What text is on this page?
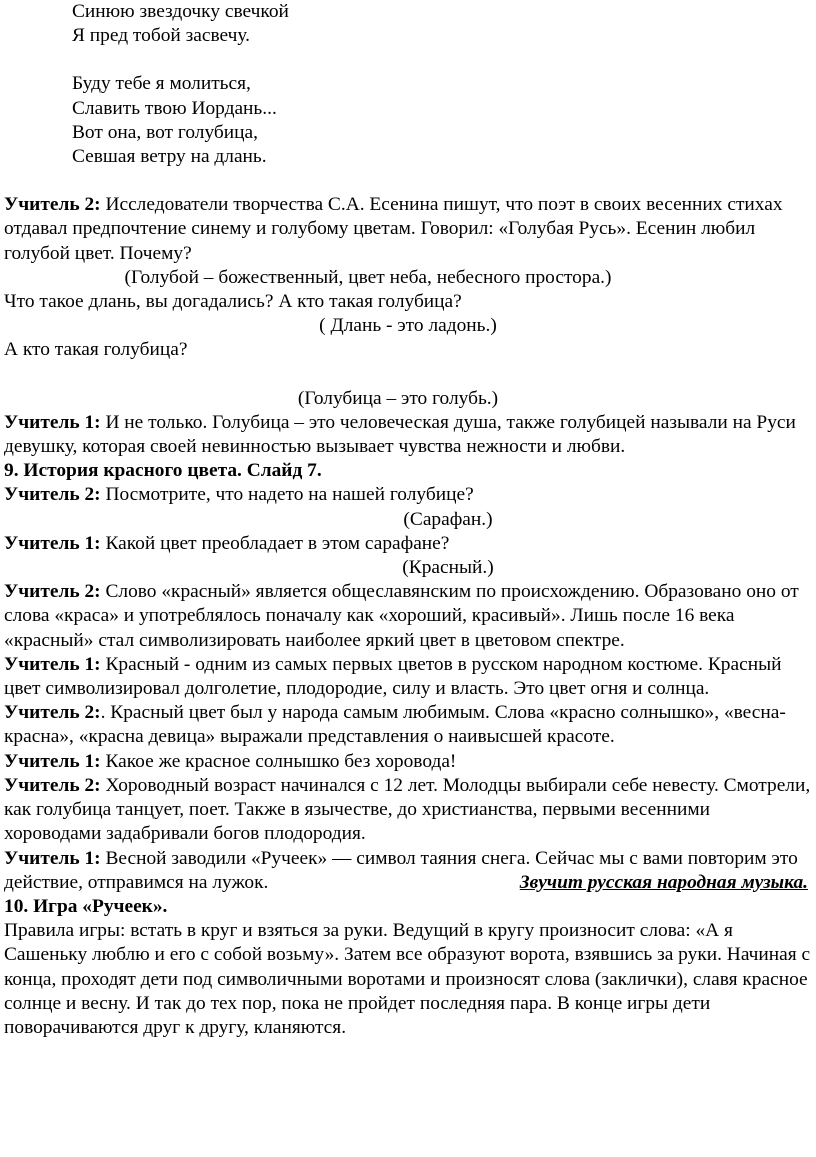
Синюю звездочку свечкой
Я пред тобой засвечу.
Буду тебе я молиться,
Славить твою Иордань...
Вот она, вот голубица,
Севшая ветру на длань.

Учитель 2: Исследователи творчества С.А. Есенина пишут, что поэт в своих весенних стихах отдавал предпочтение синему и голубому цветам. Говорил: «Голубая Русь». Есенин любил голубой цвет. Почему?

(Голубой – божественный, цвет неба, небесного простора.)

Что такое длань, вы догадались? А кто такая голубица?

( Длань - это ладонь.)

А кто такая голубица?

(Голубица – это голубь.)

Учитель 1: И не только. Голубица – это человеческая душа, также голубицей называли на Руси девушку, которая своей невинностью вызывает чувства нежности и любви.

9. История красного цвета. Слайд 7.

Учитель 2: Посмотрите, что надето на нашей голубице?

(Сарафан.)

Учитель 1: Какой цвет преобладает в этом сарафане?

(Красный.)

Учитель 2: Слово «красный» является общеславянским по происхождению. Образовано оно от слова «краса» и употреблялось поначалу как «хороший, красивый». Лишь после 16 века «красный» стал символизировать наиболее яркий цвет в цветовом спектре.

Учитель 1: Красный - одним из самых первых цветов в русском народном костюме. Красный цвет символизировал долголетие, плодородие, силу и власть. Это цвет огня и солнца.

Учитель 2:. Красный цвет был у народа самым любимым. Слова «красно солнышко», «весна-красна», «красна девица» выражали представления о наивысшей красоте.

Учитель 1: Какое же красное солнышко без хоровода!

Учитель 2: Хороводный возраст начинался с 12 лет. Молодцы выбирали себе невесту. Смотрели, как голубица танцует, поет. Также в язычестве, до христианства, первыми весенними хороводами задабривали богов плодородия.

Учитель 1: Весной заводили «Ручеек» — символ таяния снега. Сейчас мы с вами повторим это действие, отправимся на лужок.	Звучит русская народная музыка.

10. Игра «Ручеек».

Правила игры: встать в круг и взяться за руки. Ведущий в кругу произносит слова: «А я Сашеньку люблю и его с собой возьму». Затем все образуют ворота, взявшись за руки. Начиная с конца, проходят дети под символичными воротами и произносят слова (заклички), славя красное солнце и весну. И так до тех пор, пока не пройдет последняя пара. В конце игры дети поворачиваются друг к другу, кланяются.
